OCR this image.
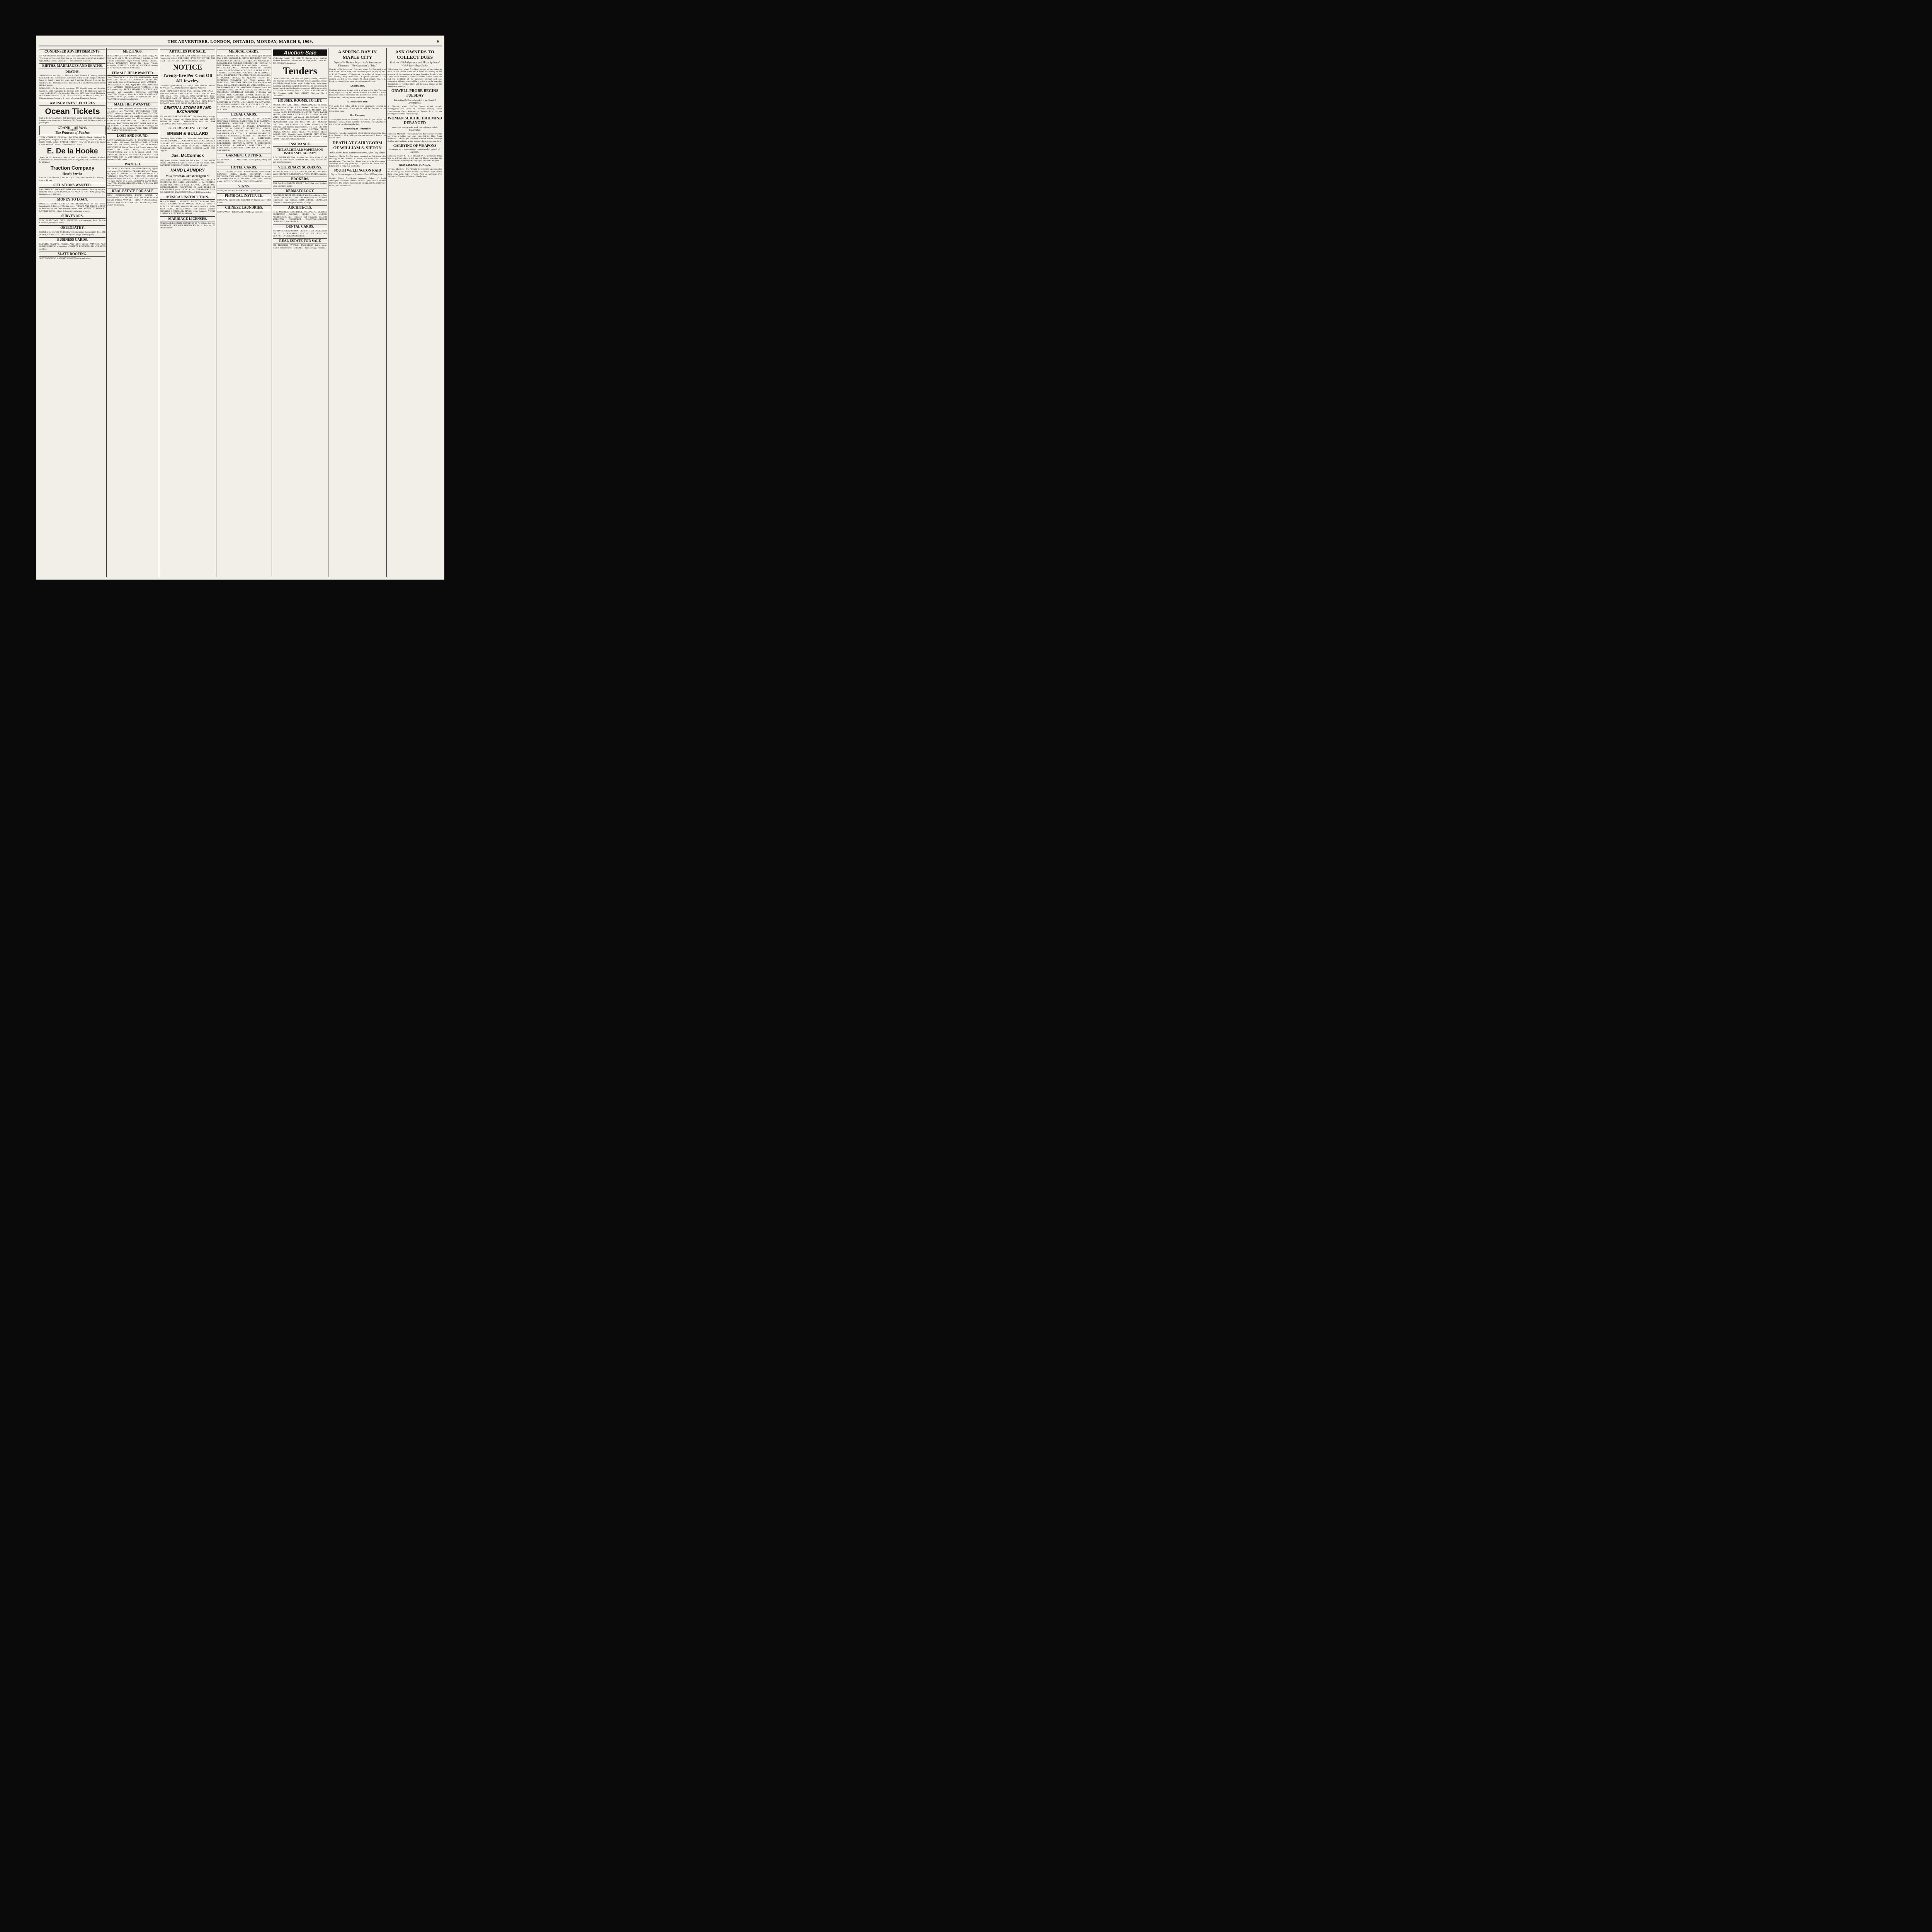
THE ADVERTISER, LONDON, ONTARIO, MONDAY, MARCH 8, 1909.	9
CONDENSED ADVERTISEMENTS.

No Advertisement Accepted Less Than Fifteen Words. Advertisements—Ten cents per line each insertion, or two cents per word if set in display type. Births, Deaths, Marriages—Fifty cents each insertion.

BIRTHS, MARRIAGES AND DEATHS.
DEATHS.

SAUNBY—In this city, on March 8, 1909, Thomas E. Saunby, beloved husband of Ethel May Saunby, and second oldest son of George and the late Mary J. Saunby, aged 24 years and 8 months. Funeral from his late residence, 473 Dufferin avenue. Friends and acquaintances please accept this intimation.

ROBINSON—At the family residence, 596 Ontario street, on Saturday, March 6, 1909, Catharine E., beloved wife of F. H. Robinson, aged 55 years. McKNIGHT—On Saturday, March 6, 1909, Mrs. Sarah McKnight, of 126 Hamilton road. FOWLER—In this city, on March 7, 1909, at 92 Princess avenue, Margaret A., relict of the late Thomas A. Fowler.

AMUSEMENTS, LECTURES
Ocean Tickets

Call at F. B. CLARKE'S, 416 Richmond street, next Bank of Commerce. Lowest current rates to or from the Old Country, and the best attention to passengers.

GRAND---All Week
TONIGHT
The Princess of Patches

TONY CORTESE, ORIGINAL LONDON HARP—Music furnished for parties, balls, banquets. CHAPTER HOUSE—Monday, March 8th, Rev. W. Dabbe Smith, lecture. UNIQUE TALENT TEA will be given by Young Ladies' Mission Circle of First Methodist Church.

E. De la Hooke

Agent for all Steamship Lines to and from England, Ireland, Scotland, Continental and Mediterranean ports. Sailing lists and all information can be obtained.

Traction Company
Hourly Service

London to St. Thomas, 7 a.m. to 11 p.m. Every two hours to Port Stanley, 7 a.m. to 11 p.m.

SITUATIONS WANTED.

EXPERIENCED MAN AND WIFE want situation on a farm by the year, from the 1st of April. BOOKKEEPER WANTS POSITION; young lady, inexperienced; reference.

MONEY TO LOAN.

PRIVATE FUNDS TO LOAN ON MORTGAGES on real estate. Macpherson & Ferris, 47 Dundas street. PRIVATE AND TRUST MONEY to loan on city and farm property; lowest rates. MONEY TO LOAN AT LOWEST RATES—Knott & Sangster, real estate brokers.

SURVEYORS.

F. W. FARNCOMB, CIVIL ENGINEER and surveyor, Bank Toronto Chambers, Richmond street.

OSTEOPATHY.

HEDLEY V. CATON, OSTEOPATHIC physician. Consultation free. DR. WHITE, GRADUATE LOS ANGELES College of Osteopathy.

BUSINESS CARDS.

ELECTRO-PLATING, NICKEL AND silver plating. PAINTING AND RUBBER-TIRING a specialty. CARPETS REMODELLED, CLEANED and laid.

SLATE ROOFING.

SLATE ROOFING, ASPHALT CEMENT roofs and prices.

MEETINGS.

REGULAR COMMUNICATION OF Union Lodge, No. 380, A. F. and A. M., this (Monday) evening, at 7:30 o'clock, at Masonic Temple. Visitors welcome. GOSPEL HALL, HAMILTON ROAD—Mr. James Waugh, evangelist. FIFTEENTH ANNUAL GENERAL meeting of the London Children's Aid Society.

FEMALE HELP WANTED.

WANTED—COOK; ALSO CHAMBERMAID. Apply Hotel Ceell. WANTED—COMPETENT SKIRT AND waist hands; none but first-class need apply. WANTED—AN ASSISTANT COOK. Apply Miss Shea, 202 Dundas street. WANTED—MIDDLE-AGED WOMAN, to live with young lady. SHOES REPAIRED QUICKLY AND properly, and reasonable. GENERAL SERVANT WANTED TO go to Sifton Park. HOUSEMAID AND DINING-ROOM girl wanted. EXPERIENCED GIRLS WANTED to work in book bindery.

MALE HELP WANTED.

WANTED—BOY TO WORK IN GENERAL store; about 15 years of age. WANTED—EXPERIENCED FOUR-POINT barb wire operator. IN A FEW MONTHS YOU CAN LEARN telegraphy and qualify for a position on the Canadian railways, paying from $50 to $100 per month. SHOE MAN WANTED—ONE TO TAKE an interest preferred. ROUTEMAN WANTED WITH HORSE and rig. YOUNG MEN FOR POSITIONS IN the freight and ticket offices on the Canadian Pacific. MEN WANTED TO LEARN THE BARBER trade.

LOST AND FOUND.

LOST, SATURDAY, MARCH 6—BEAVER fur between the Market, 311 street. FOUND—PURSE, CORNER WORTLEY and Briscoe, Sunday. LOST ON SUNDAY, BETWEEN ST. Mary's Church and Dundas street—Gold locket and chain. LOST, SATURDAY—A POCKETBOOK, near G. T. R. station. LOST—THIS MORNING, ON DUNDAS street—A mink muff. LOST BETWEEN CON. 1, WESTMINSTER, and Collegiate Institute—Gold locket.

WANTED.

VETERAN SCRIP WANTED IMMEDIATELY; highest cash price. COMMERCIAL TRAVELLER WANTS room by April 15. WANTED—TEN THOUSAND ROLLS wallpaper to hang. WANTED—TEN CARS GOOD DRY hardwood ashes. WANTED—A DESIRABLE PERSON TO take charge of a ward. VETERAN LAND SCRIP WANTED. SOUTH AFRICAN SCRIP—WILL PAY $525 for veteran scrip.

REAL ESTATE FOR SALE

NEW EIGHT-ROOMED BRICK HOUSE, all conveniences. A GOOD SPECULATION IN REAL estate for sale. LORNE AVENUE — BRICK-VENEER cottage, 6 rooms. FOR SALE — WATERLOO STREET, central, 2-story brick house.

ARTICLES FOR SALE.

FOR SALE—SADDLERY AND HARNESS business; good reasons for selling. FOR SALE—TWO FAT CATTLE. FOR SALE—OATS FOR SEED; WHITE Marvel variety.

NOTICE
Twenty-five Per Cent Off All Jewelry.

Commencing Wednesday, for 15 days. Stock must be reduced. N. W. SMITH, 230 Dundas street, opposite Armories.

BUFF ORPINGTON EGGS FOR hatching. FOR SALE—WALNUT SIDEBOARD. FOR SALE—OR MILCH COW. FOR SALE—TWO HORSES, ONE GOOD farm horse. CLEARING SALE OF STOVES AND other goods. NEW PIANO-CASED ORGAN, $65. FOR SALE—NEW EIGHT-ROOMED house. ARC LIGHT AND POOL TABLES.

CENTRAL STORAGE AND EXCHANGE

324 and 326 CLARENCE STREET. Dry, clean, bright storage for furniture, pianos, etc. Goods bought and sold. KEEP WARM AT SMALL COST—GOOD hard coal. FOR CARRIAGE AND WAGON PAINTING.

FRESH MEATS EVERY DAY
BREEN & BULLARD

Normandy Meat Market. 491 Richmond Street. Phone 2397. ROBINSON PIANO, 1 OCTAVES AT $330. YOUR BICYCLE CLEANED AND stored for winter, $1. ON HAND—SALE OF CUPAID CORSETS. YOUR BICYCLE THOROUGHLY OVERHAULED. TWO GOOD SECOND-HAND TOP buggies.

Jas. McCormick

High grade Harness, Trunks and Suit Cases. IF YOU WANT HELP, SITUATIONS want to buy or sell real estate. YOU CAN KEEP YOURSELF WARM with plenty of wood.

HAND LAUNDRY
Miss Strachan, 347 Wellington St

Work Called For and Delivered. FAMILY WASHINGS A SPECIALTY. FOR SALE—WHEELING—J. W. THOMAS. FRESH FISH NOW ON SALE. STOVES, RANGES AND REFRIGERATORS. FURNITURE OF ALL KINDS AT REASONABLE prices. GOOD COAL CHEAP—GREEN & CO. WEDDING STATIONERY IN ALL THE latest styles.

MUSICAL INSTRUCTION.

JAS. CRESSWELL, MUSICAL DIRECTOR Grand Opera House. STUDIOS—HEINTZMAN'S, DUNDAS street. J. PARNELL MORRIS, ORGANIST and choirmaster. MISS JEAN ROBB, ELOCUTIONIST and soprano vocalist. CHARLES E. WHEELER, PIANO, organ, harmony. VERNE L. HEWER, CONCERT BARITONE.

MARRIAGE LICENSES.

MARRIAGE LICENSES ISSUED BY H. A. Childs, druggist. MARRIAGE LICENSES ISSUED BY W. H. Bartram, 99 Dundas street.

MEDICAL CARDS.

DR. ECCLES WILL NOT BE IN HIS office again till about May 1. DR. CHARLES E. JARVIS, HOMEOPATHIST, 715 Dundas street. DR. HUGHES, 244 QUEEN'S AVENUE. DR. F. OWENS, EYE AND EAR SURGEON. DR. NORMAN R. HENDERSON, CORNER Park and Dufferin avenues. J. MASON, B.A., M.D., CORNER Dundas and Colborne streets. DR. HUTCHISON HOGG, M.D., C.M. DR. FINGEL—OFFICE, 404 WELLINGTON street. DR. NORMAN H. BEAL, DR. HARVEY WILLIAMS, F.R.C.S. (England). DR. E. PARDEE BUCKE, 317 QUEEN'S avenue. DR. SEPTIMUS THOMSON, 445 PARK avenue. DR. McLELLAN, GRADUATE NEW York Eye, Ear, Nose and Throat. DR. ALICE JAMIESON, 181 WELLINGTON street. DR. GEORGE NEWELL, NORTHWEST corner Dundas and Wellington streets. DR. W. J. SMITH, SPECIALIST. DR. MELDRUM, SOUTHEAST CORNER of Dundas and Clarence. MRS. CURRIER, PRIVATE HOSPITAL. DR. JOHN D. WILSON—OFFICE AND residence. F. BURDON, M.D., L.R.C.P. DR. LIZZIE D. WILSON—OFFICE REMOVED. R. STEVE, M.D., L.R.C.P. DR. RAYMOND, 258 QUEEN'S AVENUE. DR. H. J. CLARKE. DR. W. J. STEVENSON, 391 DUNDAS street. J. B. CAMPBELL, M.A., M.D.

LEGAL CARDS.

STUART & SCANDRETT, BARRISTERS, etc. GIBBONS, HARPER & GIBBONS, BARRISTERS. W. E. BARTRAM, BARRISTER, SOLICITOR. BUCHNER & GUNN, BARRISTERS. JARVIS & JARVIS, BARRISTERS. McKILLOP & MURPHY, BARRISTERS. MAGEE, HEIGHINGTON, BARRISTERS. J. M. McEVOY, BARRISTER, SOLICITOR. J. A. FAULDS, BARRISTER. PURDOM & PURDOM, BARRISTERS. TENNENT & CAMPBELL, BARRISTERS. A. GREENLEES, BARRISTER, ETC. FITZGERALD & FITZGERALD, BARRISTERS. CRONYN & BETTS & COLERIDGE. BLACKBURN & WEEKES, BARRISTERS. T. H. LUSCOMBE, BARRISTER. GRAYDON & GRAYDON, BARRISTERS.

GARMENT CUTTING.

PATTERNS CUT TO MEASURE. Tailor system, fitting and cutting.

HOTEL CARDS.

HOTEL HARRISON—KING AND Richmond streets. KING EDWARD HOTEL (LATE BRITANNIA Hotel). METROPOLITAN HOTEL—TO AND FROM the station. DOMINION HOUSE, ADJOINING Grand Trunk Railway station. HOTEL WINDSOR, OPPOSITE MARKET.

SIGNS.

SIGNS, BANNERS, WINDOW AND glass signs.

PHYSICAL INSTITUTE.

PHYSICAL INSTITUTE, CORNER Wellington and Talbot streets.

CHINESE LAUNDRIES.

WONG WOO—THE HAMILTON ROAD Laundry.

Auction Sale

Wednesday, March 10, 1909, 78 Dundas street, contents Majestic Restaurant, counter, electric sign, tables, chairs, etc. JOS. BROWN, Auctioneer.

Tenders

Cement sidewalks, and kerb and gutters, lumber, hardware, iron castings, corner irons, Portland cement, gravel and stone, vitrified tile, gravel, broken stone, driving sewer, stone street, sweeping and cleaning asphalt pavements, etc. Tenders for the above general supplies for the current year will be received up to 5 o'clock on Tuesday, March 11, 1909. A. O. GRAYDON, City Engineer. ALD. WM. GERRY, Chairman No. 2 Committee.

HOUSES, ROOMS, TO LET.

ROOMS FOR MILLINERS, DRESSMAKERS or tailors. WOULD LEASE HALF OF STORE ON south side of Dundas street. NINE-ROOMED HOUSE, MODERN, good location. ALEX. HENDERSON'S MOVING VANS. LARGE HOUSE, 10 ROOMS, CENTRAL. LARGE FRONT ROOM, WELL FURNISHED and heated. SIX-ROOMED BRICK HOUSE, PRACTICALLY new. TO RENT—HOUSE, BARN, BLACKSMITH shop and tools. TO LET—MODERN DWELLING. TO LET—NO. 48 YORK STREET, FOUR bedrooms and modern improvements. TO LET OR FOR SALE—COTTAGE, seven rooms. 2-STORY BRICK HOUSE, ON ST. James street. TWO-STORY BRICK HOUSE, 3679 Waterloo street. FOREST CITY UNION MOVING VANS. FIVE-ROOMED HOUSE. STORAGE FOR FURNITURE, PIANOS and pictures.

INSURANCE.
THE ARCHIBALD McPHERSON INSURANCE AGENCY

P. M. MILLIKAN. Fire, Accident and Plate Glass. G. M. GUNN & SON—ESTABLISHED 1863. Fire, accident and sick benefit insurance.

VETERINARY SURGEONS.

TAMPE & SON—OFFICE AND HOSPITAL, 188 Talbot street. TENNENT & McDONALD, VETERINARY surgeons.

BROKERS.

FOR SALE—LONDON STREET RAILWAY and Southern Loan Company stocks.

DERMATOLOGY.

COMBINGS MADE UP—BRING YOUR combings to Mrs. Carver. BUTLER'S, 281 DUNDAS—HAIR GOODS, Superfluous hair removed. MISS BRITTE, GRADUATE GRAHAM Dermatological School, Chicago.

ARCHITECTS.

H. C. McBRIDE, ARCHITECT. WILLIAM G. MURRAY, ARCHITECT. MOORE, HENRY & MUNRO, ARCHITECTS, civil engineers and surveyors. TALBOT JOHNSTON, ARCHITECT. REMOVAL—GEORGE CRADDOCK, ARCHITECT.

DENTAL CARDS.

WOOLVERTON & BROWN, DENTISTS, 216 Dundas street. DR. G. H. KENNEDY, DENTIST. DR. BENTLEY, DENTIST, OVER Ed Dundas street.

REAL ESTATE FOR SALE

880 PRINCESS AVENUE, TWO-STORY brick house, modern conveniences. FOR SALE—Brick cottage, 7 rooms.

A SPRING DAY IN MAPLE CITY
Enjoyed in Various Ways—Able Sermons on Education—The Advertiser's "Trip."

[Special to The Advertiser.] Chatham, March 7.—The services at Park Street Church were conducted throughout the day by Rev. A. E. M. Thomson, of Woodstock, the subject of the morning and evening being "Education." A special quartette in the evening was led by Mrs. Bogart. At Christ Church, Rev. T. S. Boyle continued his series of special sermons for men.

A Spring Day.

Chatham has been favored with a perfect spring day. The sun shone brightly all day and people came out in hundreds to enjoy the balmy weather conditions. The favorite walk seemed to be to Indian Creek, and the pleasant roads were thronged.

A Temperance Day.

Two weeks from today will be a great temperance occasion in Chatham, and most of the pulpits will be devoted to the temperance cause.

Our Farmers.

A local paper stated on Saturday that about 87 per cent of the farmers of Canada reside over their own farms. The Advertiser's trip is giving excellent satisfaction.

Something to Remember.

Tomorrow (Monday) evening in Christ Church schoolroom, Rev. F. A. Chadwick, M.A., will give a lecture entitled "A Tour of the British Isles."

DEATH AT CAIRNGORM OF WILLIAM S. SIFTON
Well-Known Cheese Manufacturer Dead, After Long Illness.

Strathroy, March 7.—The death occurred at Cairngorm this morning of Mr. William S. Sifton, the well-known cheese manufacturer. The late Mr. Sifton was born in Westminster Township about fifty years ago. In politics Mr. Sifton was a Liberal and in religion a Methodist.

SOUTH WELLINGTON RAID
Liquor License Inspector Summons Three Hillsbury Men.

Guelph, March 6.—License Inspector Oakes, of South Wellington, conducted a raid in the local option district of West Flamboro. The Ontario Government has appointed a conference to deal with the question.

ASK OWNERS TO COLLECT DUES
Rock on Which Operator and Miner Split and Which May Mean Strike.

Wilkesbarre, Pa., March 7.—Mine workers of the anthracite fields in the United States and Canada are waiting on the outcome of the conference between President Lewis of the United Mine Workers of America and the miners' committee and the presidents of the anthracite railroad and coal companies. Whether there will be a strike, with the attending discomforts, or whether there will be peace hinges on the subsequent meetings.

ORWELL PROBE BEGINS TUESDAY
Interesting Evidence Expected in the Scandal Investigation.

St. Thomas, March 7.—The famous Orwell scandal investigation will open on Tuesday morning before Commissioner Ennis Saunders, of Toronto. It is said the investigation will be very thorough.

WOMAN SUICIDE HAD MIND DERANGED
Hamilton Woman Who Took Her Life Was Polish Cigarmaker.

Hamilton, March 8.—The woman who threw herself into the bay from a bridge has been identified by Miss Annie Kobilevska, a Polish girl. She lived with her brother, who says that her mind had been acting strangely for the past four days.

CARRYING OF WEAPONS
Hamilton M. P. Wants Police Empowered to Search All Suspects.

Hamilton, March 8.—T. J. Stewart, M.P., announced today that he will introduce a bill into the House amending the criminal code respecting the carrying of concealed weapons.

NEW LICENSE BOARDS.

Toronto, March 6.—The Ontario Government has appointed the following new license boards: Fifty-third—West, Walter Ross, John Lang, Peter McVicar, Peter A. McVicar, West Wellington, Thomas McManus, John Jackson.
